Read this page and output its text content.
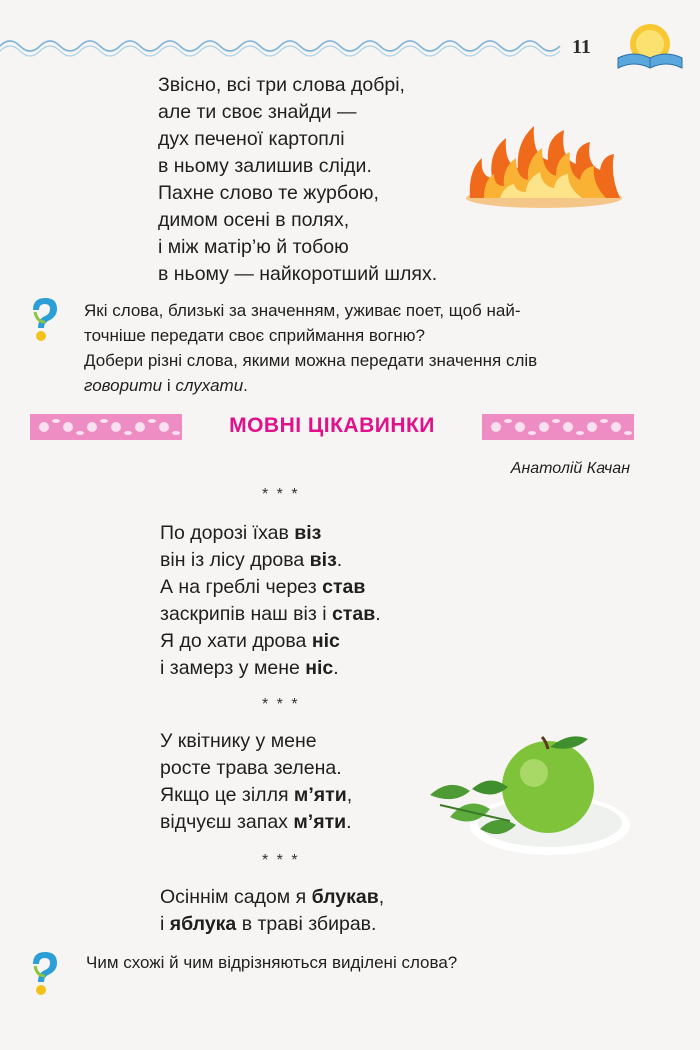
11
Звісно, всі три слова добрі,
але ти своє знайди —
дух печеної картоплі
в ньому залишив сліди.
Пахне слово те журбою,
димом осені в полях,
і між матір’ю й тобою
в ньому — найкоротший шлях.
Які слова, близькі за значенням, уживає поет, щоб най-
точніше передати своє сприймання вогню?
Добери різні слова, якими можна передати значення слів
говорити і слухати.
МОВНІ ЦІКАВИНКИ
Анатолій Качан
* * *
По дорозі їхав віз
він із лісу дрова віз.
А на греблі через став
заскрипів наш віз і став.
Я до хати дрова ніс
і замерз у мене ніс.
* * *
У квітнику у мене
росте трава зелена.
Якщо це зілля м’яти,
відчуєш запах м’яти.
* * *
Осіннім садом я блукав,
і яблука в траві збирав.
Чим схожі й чим відрізняються виділені слова?
